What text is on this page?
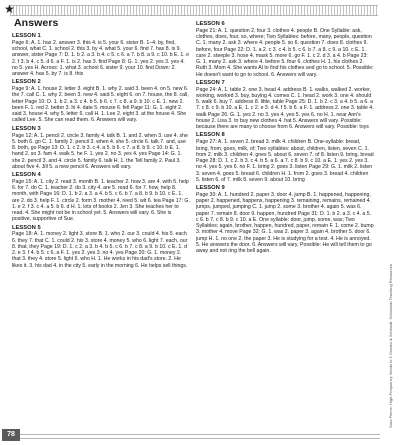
★
Answers
LESSON 1

Page 6: A. 1. has 2. answer 3. this 4. is 5. your 6. sister B. 1–4: by, find, school, what C. 1. school 2. this 3. by 4. what 5. your 6. find 7. has 8. is 9. answer, sister Page 7: D. 1. b 2. a 3. b 4. c 5. c 6. a 7. b 8. a 9. c 10. b E. 1. e 2. f 3. b 4. c 5. d 6. a F. 1. is 2. has 3. find Page 8: G. 1. yes 2. yes 3. yes 4. no 5. yes H. Across: 1. what 3. school 6. sister 9. your 10. find Down: 2. answer 4. has 5. by 7. is 8. this

LESSON 2

Page 9: A. 1. house 2. letter 3. eight B. 1. why 2. said 3. been 4. on 5. new 6. the 7. call C. 1. why 2. been 3. new 4. said 5. eight 6. on 7. house, the 8. call, letter Page 10: D. 1. b 2. a 3. c 4. b 5. b 6. c 7. c 8. a 9. b 10. c E. 1. new 2. been F. 1. red 2. better 3. hi 4. date 5. mouse 6. fell Page 11: G. 1. eight 2. said 3. house 4. why 5. letter 6. call H. 1. Lee 2. eight 3. at the house 4. She called Lee. 5. She can read them. 6. Answers will vary.

LESSON 3

Page 12: A. 1. pencil 2. circle 3. family 4. talk B. 1. and 2. when 3. use 4. she 5. both 6. go C. 1. family 2. pencil 3. when 4. she 5. circle 6. talk 7. and, use 8. both, go Page 13: D. 1. c 2. b 3. c 4. a 5. b 6. c 7. a 8. b 9. c 10. b E. 1. hand 2. so 3. fam 4. walk 5. he F. 1. yes 2. no 3. yes 4. yes Page 14: G. 1. she 2. pencil 3. and 4. circle 5. family 6. talk H. 1. the Tell family 2. Paul 3. about five 4. Jill 5. a new pencil 6. Answers will vary.

LESSON 4

Page 15: A. 1. city 2. read 3. month B. 1. teacher 2. how 3. are 4. with 5. help 6. for 7. do C. 1. teacher 2. do 3. city 4. are 5. read 6. for 7. how, help 8. month, with Page 16: D. 1. b 2. a 3. a 4. b 5. c 6. b 7. a 8. b 9. b 10. c E. 1. are 2. do 3. help F. 1. circle 2. form 3. mother 4. reed 5. wit 6. tea Page 17: G. 1. e 2. f 3. c 4. a 5. b 6. d H. 1. lots of books 2. Jen 3. She teaches her to read. 4. She might not be in school yet. 5. Answers will vary. 6. She is positive, supportive of Sue.

LESSON 5

Page 18: A. 1. money 2. light 3. store B. 1. who 2. our 3. could 4. his 5. each 6. they 7. that C. 1. could 2. his 3. store 4. money 5. who 6. light 7. each, our 8. that, they Page 19: D. 1. c 2. a 3. b 4. b 5. c 6. b 7. c 8. a 9. b 10. c E. 1. d 2. e 3. f 4. b 5. c 6. a F. 1. yes 2. yes 3. no 4. yes Page 20: G. 1. money 2. that 3. they 4. store 5. light 6. who H. 1. He works in his dad's store. 2. He likes it. 3. his dad 4. in the city 5. early in the morning 6. He helps sell things.

LESSON 6

Page 21: A. 1. question 2. four 3. clothes 4. people B. One Syllable: ask, clothes, does, four, so, where; Two Syllables: before, many, people, question C. 1. many 2. ask 3. where 4. people 5. so 6. question 7. does 8. clothes 9. before, four Page 22: D. 1. a 2. c 3. c 4. b 5. c 6. b 7. a 8. c 9. a 10. c E. 1. care 2. steeple 3. hose 4. mask 5. more 6. go F. 1. c 2. d 3. a 4. b Page 23: G. 1. many 2. ask 3. where 4. before 5. four 6. clothes H. 1. his clothes 2. Ruth 3. Mom 4. She wants Al to find his clothes and go to school. 5. Possible: He doesn't want to go to school. 6. Answers will vary.

LESSON 7

Page 24: A. 1. table 2. one 3. head 4. address B. 1. walks, walked 2. worker, working, worked 3. buy, buying 4. comes C. 1. head 2. work 3. one 4. should 5. walk 6. buy 7. address 8. little, table Page 25: D. 1. b 2. c 3. a 4. b 5. a 6. a 7. c 8. c 9. b 10. a E. 1. c 2. e 3. d 4. f 5. b 6. a F. 1. address 2. one 3. table 4. walk Page 26: G. 1. yes 2. no 3. yes 4. yes 5. yes 6. no H. 1. near Ann's house 2. Lisa 3. to buy new clothes 4. hat 5. Answers will vary. Possible: because there are many to choose from 6. Answers will vary. Possible: toys

LESSON 8

Page 27: A. 1. seven 2. bread 3. milk 4. children B. One-syllable: bread, bring, from, goes, milk, of; Two syllables: about, children, listen, seven C. 1. from 2. milk 3. children 4. goes 5. about 6. seven 7. of 8. listen 9. bring, bread Page 28: D. 1. c 2. b 3. c 4. b 5. a 6. a 7. c 8. b 9. c 10. a E. 1. yes 2. yes 3. no 4. yes 5. yes 6. no F. 1. bring 2. goes 3. listen Page 29: G. 1. milk 2. listen 3. seven 4. goes 5. bread 6. children H. 1. from 2. goes 3. bread 4. children 5. listen 6. of 7. milk 8. seven 9. about 10. bring

LESSON 9

Page 30: A. 1. hundred 2. paper 3. door 4. jump B. 1. happened, happening, paper 2. happened, happens, happening 3. remaining, remains, remained 4. jumps, jumped, jumping C. 1. jump 2. some 3. brother 4. again 5. was 6. paper 7. remain 8. door 9. happen, hundred Page 31: D. 1. b 2. a 3. c 4. a 5. c 6. b 7. c 8. b 9. c 10. a E. One syllable: door, jump, some, was; Two Syllables: again, brother, happen, hundred, paper, remain F. 1. come 2. bump 3. mother 4. move Page 32: G. 1. was 2. paper 3. again 4. brother 5. door 6. jump H. 1. no one 2. the paper 3. He is studying for a test. 4. He is annoyed. 5. He answers the door. 6. Answers will vary. Possible: He will tell them to go away and not ring the bell again.

Sara Pierce. High-Frequency Words in 5 Grades & Schimidt, Scholastic Teaching Resources
78
